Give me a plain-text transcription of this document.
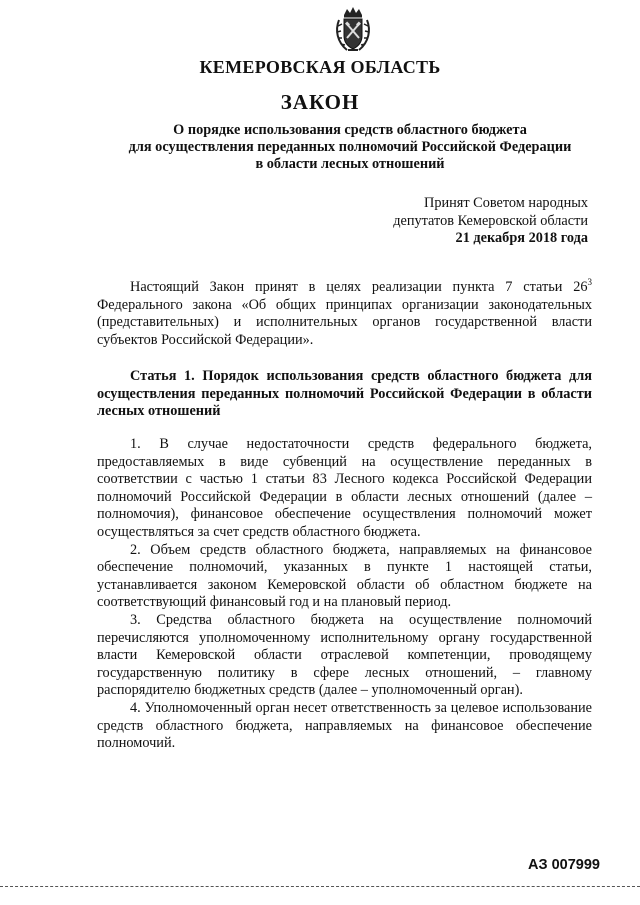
КЕМЕРОВСКАЯ ОБЛАСТЬ
ЗАКОН
О порядке использования средств областного бюджета
для осуществления переданных полномочий Российской Федерации
в области лесных отношений
Принят Советом народных
депутатов Кемеровской области
21 декабря 2018 года

Настоящий Закон принят в целях реализации пункта 7 статьи $26^3$ Федерального закона «Об общих принципах организации законодательных (представительных) и исполнительных органов государственной власти субъектов Российской Федерации».

Статья 1. Порядок использования средств областного бюджета для осуществления переданных полномочий Российской Федерации в области лесных отношений

1. В случае недостаточности средств федерального бюджета, предоставляемых в виде субвенций на осуществление переданных в соответствии с частью 1 статьи 83 Лесного кодекса Российской Федерации полномочий Российской Федерации в области лесных отношений (далее – полномочия), финансовое обеспечение осуществления полномочий может осуществляться за счет средств областного бюджета.

2. Объем средств областного бюджета, направляемых на финансовое обеспечение полномочий, указанных в пункте 1 настоящей статьи, устанавливается законом Кемеровской области об областном бюджете на соответствующий финансовый год и на плановый период.

3. Средства областного бюджета на осуществление полномочий перечисляются уполномоченному исполнительному органу государственной власти Кемеровской области отраслевой компетенции, проводящему государственную политику в сфере лесных отношений, – главному распорядителю бюджетных средств (далее – уполномоченный орган).

4. Уполномоченный орган несет ответственность за целевое использование средств областного бюджета, направляемых на финансовое обеспечение полномочий.

АЗ 007999
